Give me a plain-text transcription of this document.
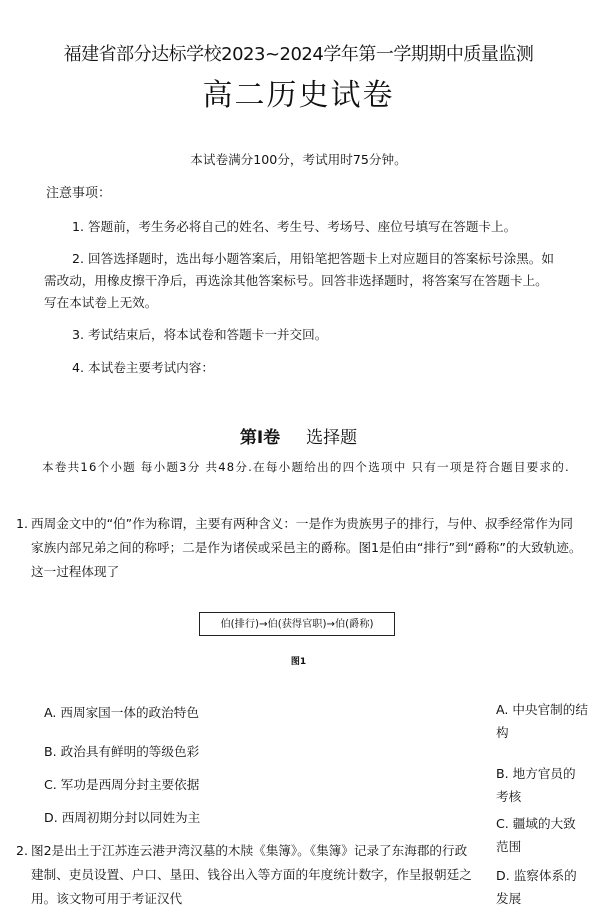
福建省部分达标学校2023~2024学年第一学期期中质量监测
高二历史试卷
本试卷满分100分，考试用时75分钟。
注意事项：
1. 答题前，考生务必将自己的姓名、考生号、考场号、座位号填写在答题卡上。
2. 回答选择题时，选出每小题答案后，用铅笔把答题卡上对应题目的答案标号涂黑。如需改动，用橡皮擦干净后，再选涂其他答案标号。回答非选择题时，将答案写在答题卡上。写在本试卷上无效。
3. 考试结束后，将本试卷和答题卡一并交回。
4. 本试卷主要考试内容：
第Ⅰ卷 选择题
本卷共16个小题 每小题3分 共48分.在每小题给出的四个选项中 只有一项是符合题目要求的.
1. 西周金文中的“伯”作为称谓，主要有两种含义：一是作为贵族男子的排行，与仲、叔季经常作为同家族内部兄弟之间的称呼；二是作为诸侯或采邑主的爵称。图1是伯由“排行”到“爵称”的大致轨迹。这一过程体现了
伯(排行)→伯(获得官职)→伯(爵称)
图1
A. 西周家国一体的政治特色
B. 政治具有鲜明的等级色彩
C. 军功是西周分封主要依据
D. 西周初期分封以同姓为主
A. 中央官制的结构
B. 地方官员的考核
C. 疆域的大致范围
D. 监察体系的发展
2. 图2是出土于江苏连云港尹湾汉墓的木牍《集簿》。《集簿》记录了东海郡的行政建制、吏员设置、户口、垦田、钱谷出入等方面的年度统计数字，作呈报朝廷之用。该文物可用于考证汉代
